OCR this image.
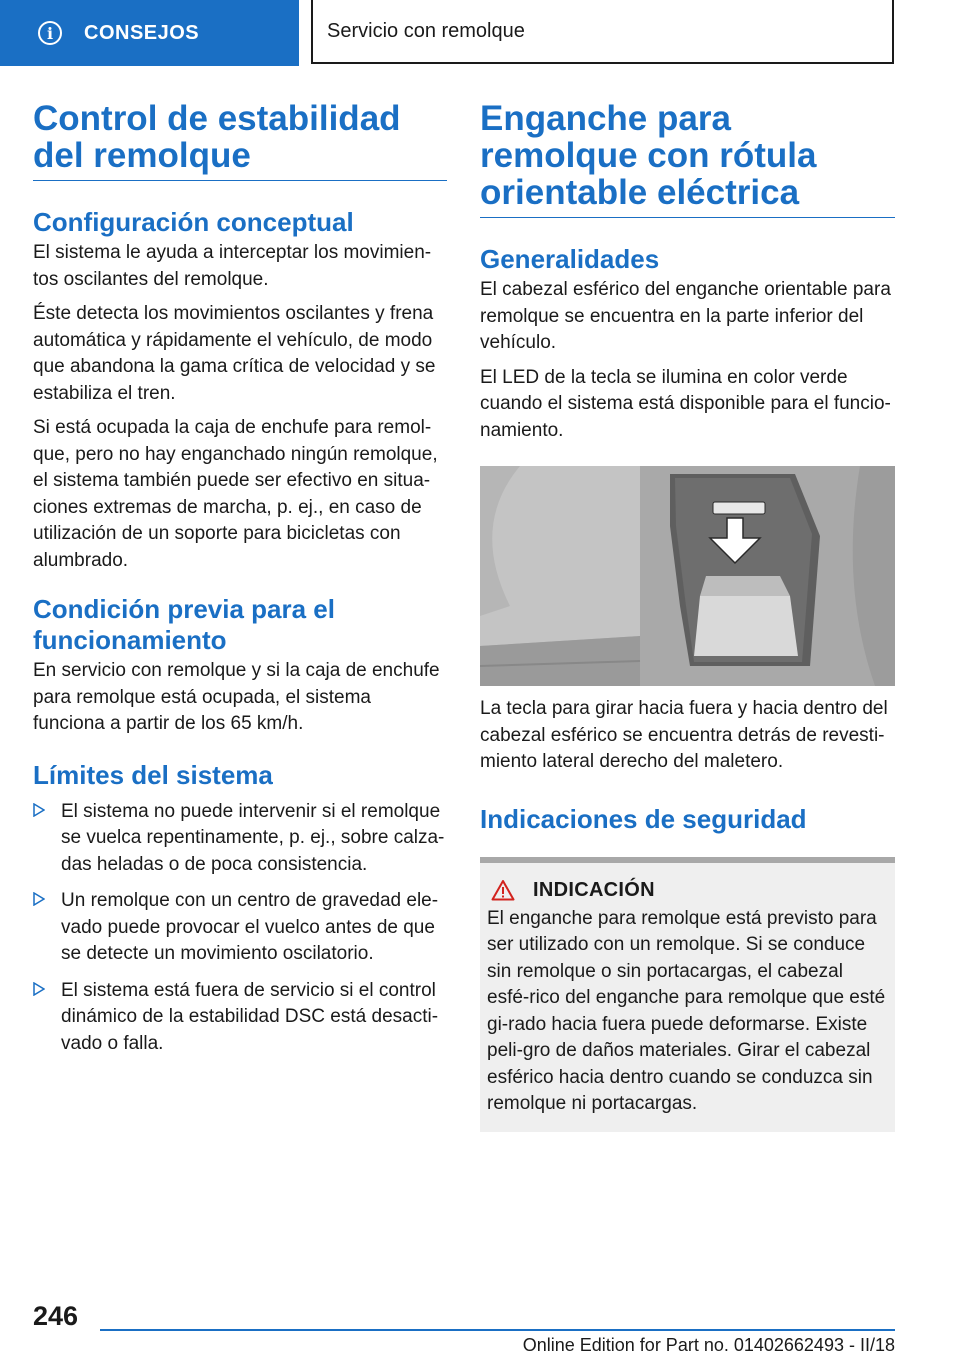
i	CONSEJOS	Servicio con remolque
Control de estabilidad del remolque
Configuración conceptual

El sistema le ayuda a interceptar los movimien-tos oscilantes del remolque.

Éste detecta los movimientos oscilantes y frena automática y rápidamente el vehículo, de modo que abandona la gama crítica de velocidad y se estabiliza el tren.

Si está ocupada la caja de enchufe para remol-que, pero no hay enganchado ningún remolque, el sistema también puede ser efectivo en situa-ciones extremas de marcha, p. ej., en caso de utilización de un soporte para bicicletas con alumbrado.

Condición previa para el funcionamiento

En servicio con remolque y si la caja de enchufe para remolque está ocupada, el sistema funciona a partir de los 65 km/h.

Límites del sistema
El sistema no puede intervenir si el remolque se vuelca repentinamente, p. ej., sobre calza-das heladas o de poca consistencia.
Un remolque con un centro de gravedad ele-vado puede provocar el vuelco antes de que se detecte un movimiento oscilatorio.
El sistema está fuera de servicio si el control dinámico de la estabilidad DSC está desacti-vado o falla.
Enganche para remolque con rótula orientable eléctrica
Generalidades

El cabezal esférico del enganche orientable para remolque se encuentra en la parte inferior del vehículo.

El LED de la tecla se ilumina en color verde cuando el sistema está disponible para el funcio-namiento.

La tecla para girar hacia fuera y hacia dentro del cabezal esférico se encuentra detrás de revesti-miento lateral derecho del maletero.

Indicaciones de seguridad
INDICACIÓN

El enganche para remolque está previsto para ser utilizado con un remolque. Si se conduce sin remolque o sin portacargas, el cabezal esfé-rico del enganche para remolque que esté gi-rado hacia fuera puede deformarse. Existe peli-gro de daños materiales. Girar el cabezal esférico hacia dentro cuando se conduzca sin remolque ni portacargas.

246
Online Edition for Part no. 01402662493 - II/18
